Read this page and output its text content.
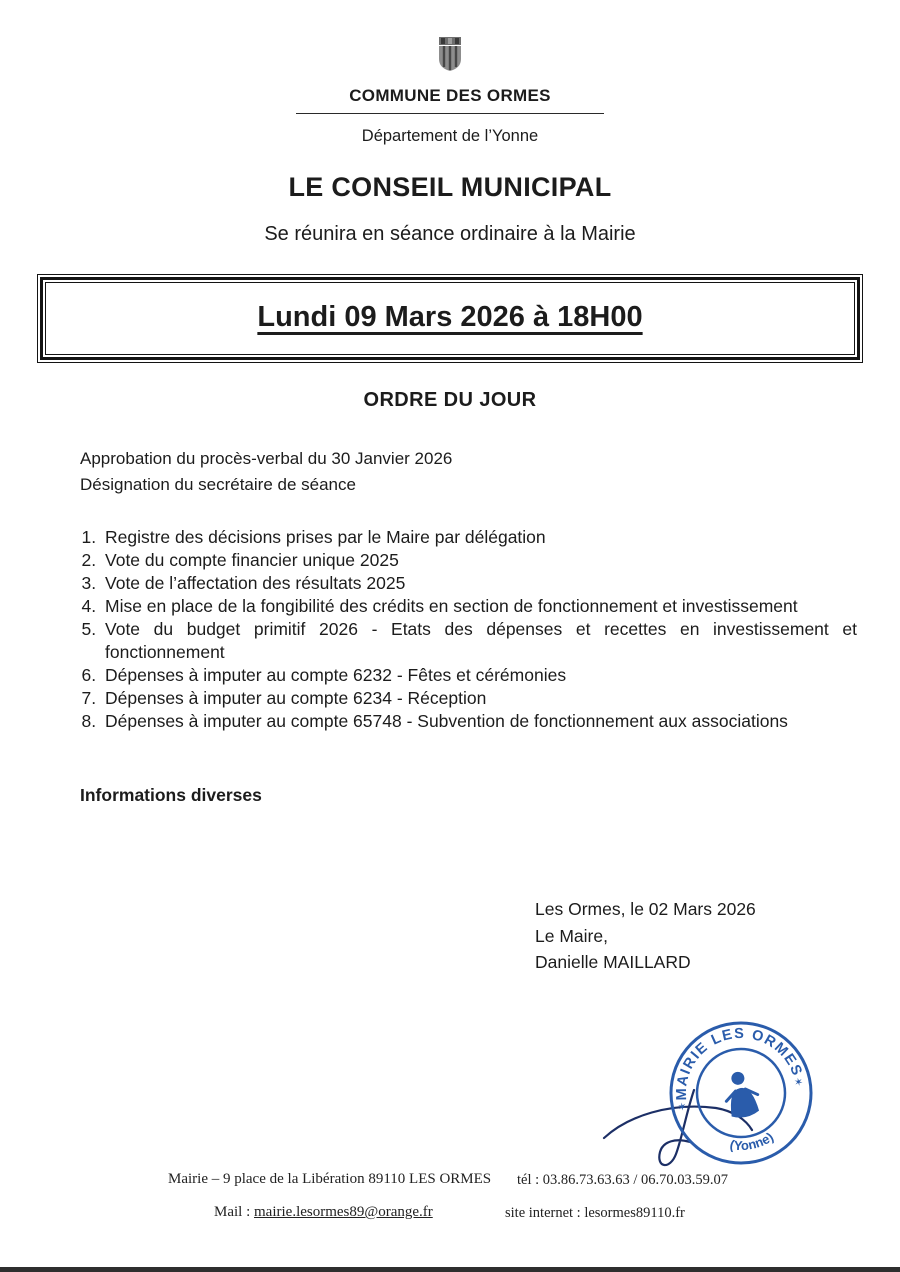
COMMUNE DES ORMES
Département de l’Yonne
LE CONSEIL MUNICIPAL
Se réunira en séance ordinaire à la Mairie
Lundi 09 Mars 2026 à 18H00
ORDRE DU JOUR
Approbation du procès-verbal du 30 Janvier 2026
Désignation du secrétaire de séance
1. Registre des décisions prises par le Maire par délégation
2. Vote du compte financier unique 2025
3. Vote de l’affectation des résultats 2025
4. Mise en place de la fongibilité des crédits en section de fonctionnement et investissement
5. Vote du budget primitif 2026 - Etats des dépenses et recettes en investissement et fonctionnement
6. Dépenses à imputer au compte 6232 - Fêtes et cérémonies
7. Dépenses à imputer au compte 6234 - Réception
8. Dépenses à imputer au compte 65748 - Subvention de fonctionnement aux associations
Informations diverses
Les Ormes, le 02 Mars 2026
Le Maire,
Danielle MAILLARD
MAIRIE LES ORMES
(Yonne)
✶
✶
Mairie – 9 place de la Libération 89110 LES ORMES tél : 03.86.73.63.63 / 06.70.03.59.07
Mail : mairie.lesormes89@orange.fr	site internet : lesormes89110.fr
